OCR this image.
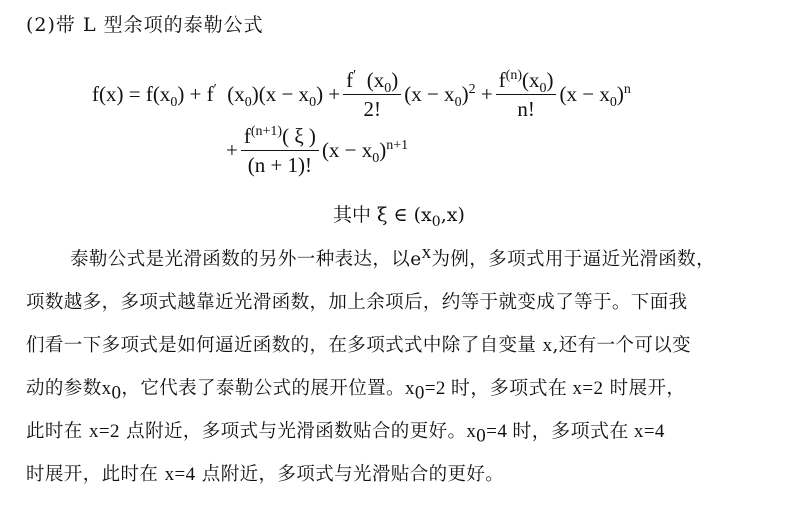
(2)带 L 型余项的泰勒公式
$f(x) = f(x_0) + f'$ $(x_0)(x - x_0) + \frac{f' (x_0)}{2!} (x - x_0)^2 + \frac{f^{(n)}(x_0)}{n!} (x - x_0)^n$
+ $\frac{f^{(n+1)}( \xi )}{(n + 1)!} (x - x_0)^{n+1}$
其中 ξ ∈ $(x_0,x)$
泰勒公式是光滑函数的另外一种表达，以$e^x$为例，多项式用于逼近光滑函数，
项数越多，多项式越靠近光滑函数，加上余项后，约等于就变成了等于。下面我
们看一下多项式是如何逼近函数的，在多项式式中除了自变量 x,还有一个可以变
动的参数$x_0$，它代表了泰勒公式的展开位置。$x_0=2$ 时，多项式在 x=2 时展开，
此时在 x=2 点附近，多项式与光滑函数贴合的更好。$x_0=4$ 时，多项式在 x=4
时展开，此时在 x=4 点附近，多项式与光滑贴合的更好。
